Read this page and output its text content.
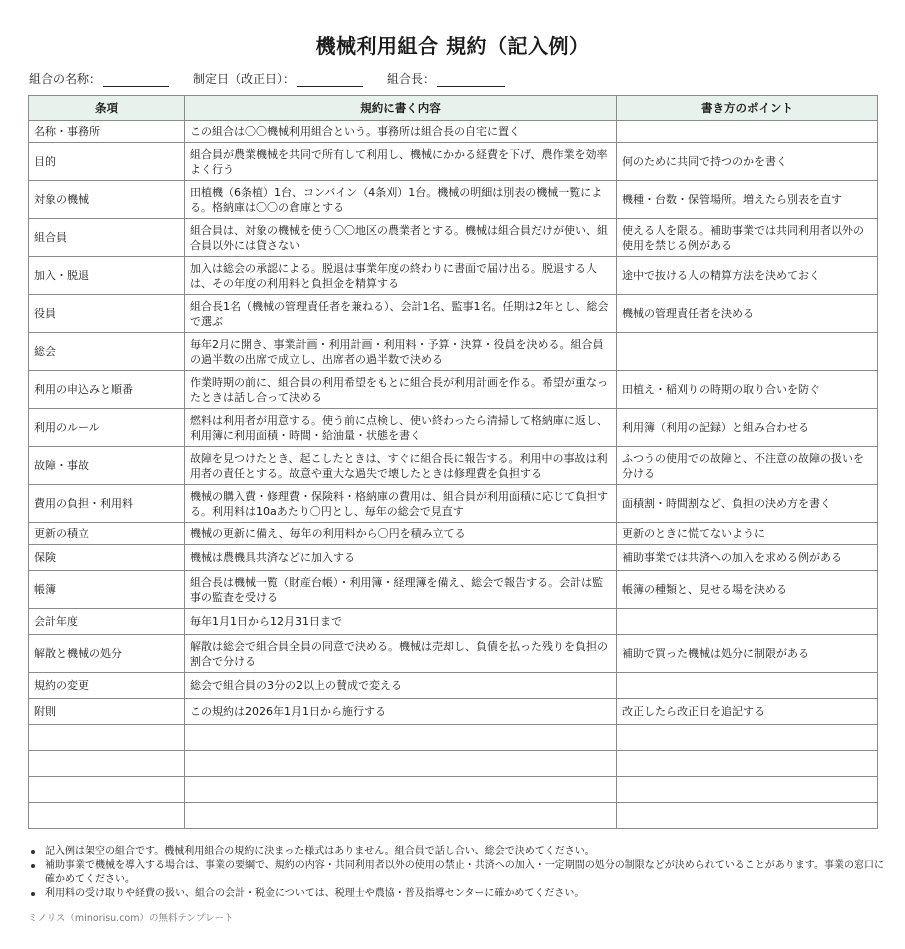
機械利用組合 規約（記入例）
組合の名称：	制定日（改正日）：	組合長：
条項	規約に書く内容	書き方のポイント
名称・事務所	この組合は〇〇機械利用組合という。事務所は組合長の自宅に置く	
目的	組合員が農業機械を共同で所有して利用し、機械にかかる経費を下げ、農作業を効率よく行う	何のために共同で持つのかを書く
対象の機械	田植機（6条植）1台、コンバイン（4条刈）1台。機械の明細は別表の機械一覧による。格納庫は〇〇の倉庫とする	機種・台数・保管場所。増えたら別表を直す
組合員	組合員は、対象の機械を使う〇〇地区の農業者とする。機械は組合員だけが使い、組合員以外には貸さない	使える人を限る。補助事業では共同利用者以外の使用を禁じる例がある
加入・脱退	加入は総会の承認による。脱退は事業年度の終わりに書面で届け出る。脱退する人は、その年度の利用料と負担金を精算する	途中で抜ける人の精算方法を決めておく
役員	組合長1名（機械の管理責任者を兼ねる）、会計1名、監事1名。任期は2年とし、総会で選ぶ	機械の管理責任者を決める
総会	毎年2月に開き、事業計画・利用計画・利用料・予算・決算・役員を決める。組合員の過半数の出席で成立し、出席者の過半数で決める	
利用の申込みと順番	作業時期の前に、組合員の利用希望をもとに組合長が利用計画を作る。希望が重なったときは話し合って決める	田植え・稲刈りの時期の取り合いを防ぐ
利用のルール	燃料は利用者が用意する。使う前に点検し、使い終わったら清掃して格納庫に返し、利用簿に利用面積・時間・給油量・状態を書く	利用簿（利用の記録）と組み合わせる
故障・事故	故障を見つけたとき、起こしたときは、すぐに組合長に報告する。利用中の事故は利用者の責任とする。故意や重大な過失で壊したときは修理費を負担する	ふつうの使用での故障と、不注意の故障の扱いを分ける
費用の負担・利用料	機械の購入費・修理費・保険料・格納庫の費用は、組合員が利用面積に応じて負担する。利用料は10aあたり〇円とし、毎年の総会で見直す	面積割・時間割など、負担の決め方を書く
更新の積立	機械の更新に備え、毎年の利用料から〇円を積み立てる	更新のときに慌てないように
保険	機械は農機具共済などに加入する	補助事業では共済への加入を求める例がある
帳簿	組合長は機械一覧（財産台帳）・利用簿・経理簿を備え、総会で報告する。会計は監事の監査を受ける	帳簿の種類と、見せる場を決める
会計年度	毎年1月1日から12月31日まで	
解散と機械の処分	解散は総会で組合員全員の同意で決める。機械は売却し、負債を払った残りを負担の割合で分ける	補助で買った機械は処分に制限がある
規約の変更	総会で組合員の3分の2以上の賛成で変える	
附則	この規約は2026年1月1日から施行する	改正したら改正日を追記する

記入例は架空の組合です。機械利用組合の規約に決まった様式はありません。組合員で話し合い、総会で決めてください。
補助事業で機械を導入する場合は、事業の要綱で、規約の内容・共同利用者以外の使用の禁止・共済への加入・一定期間の処分の制限などが決められていることがあります。事業の窓口に確かめてください。
利用料の受け取りや経費の扱い、組合の会計・税金については、税理士や農協・普及指導センターに確かめてください。
ミノリス（minorisu.com）の無料テンプレート
